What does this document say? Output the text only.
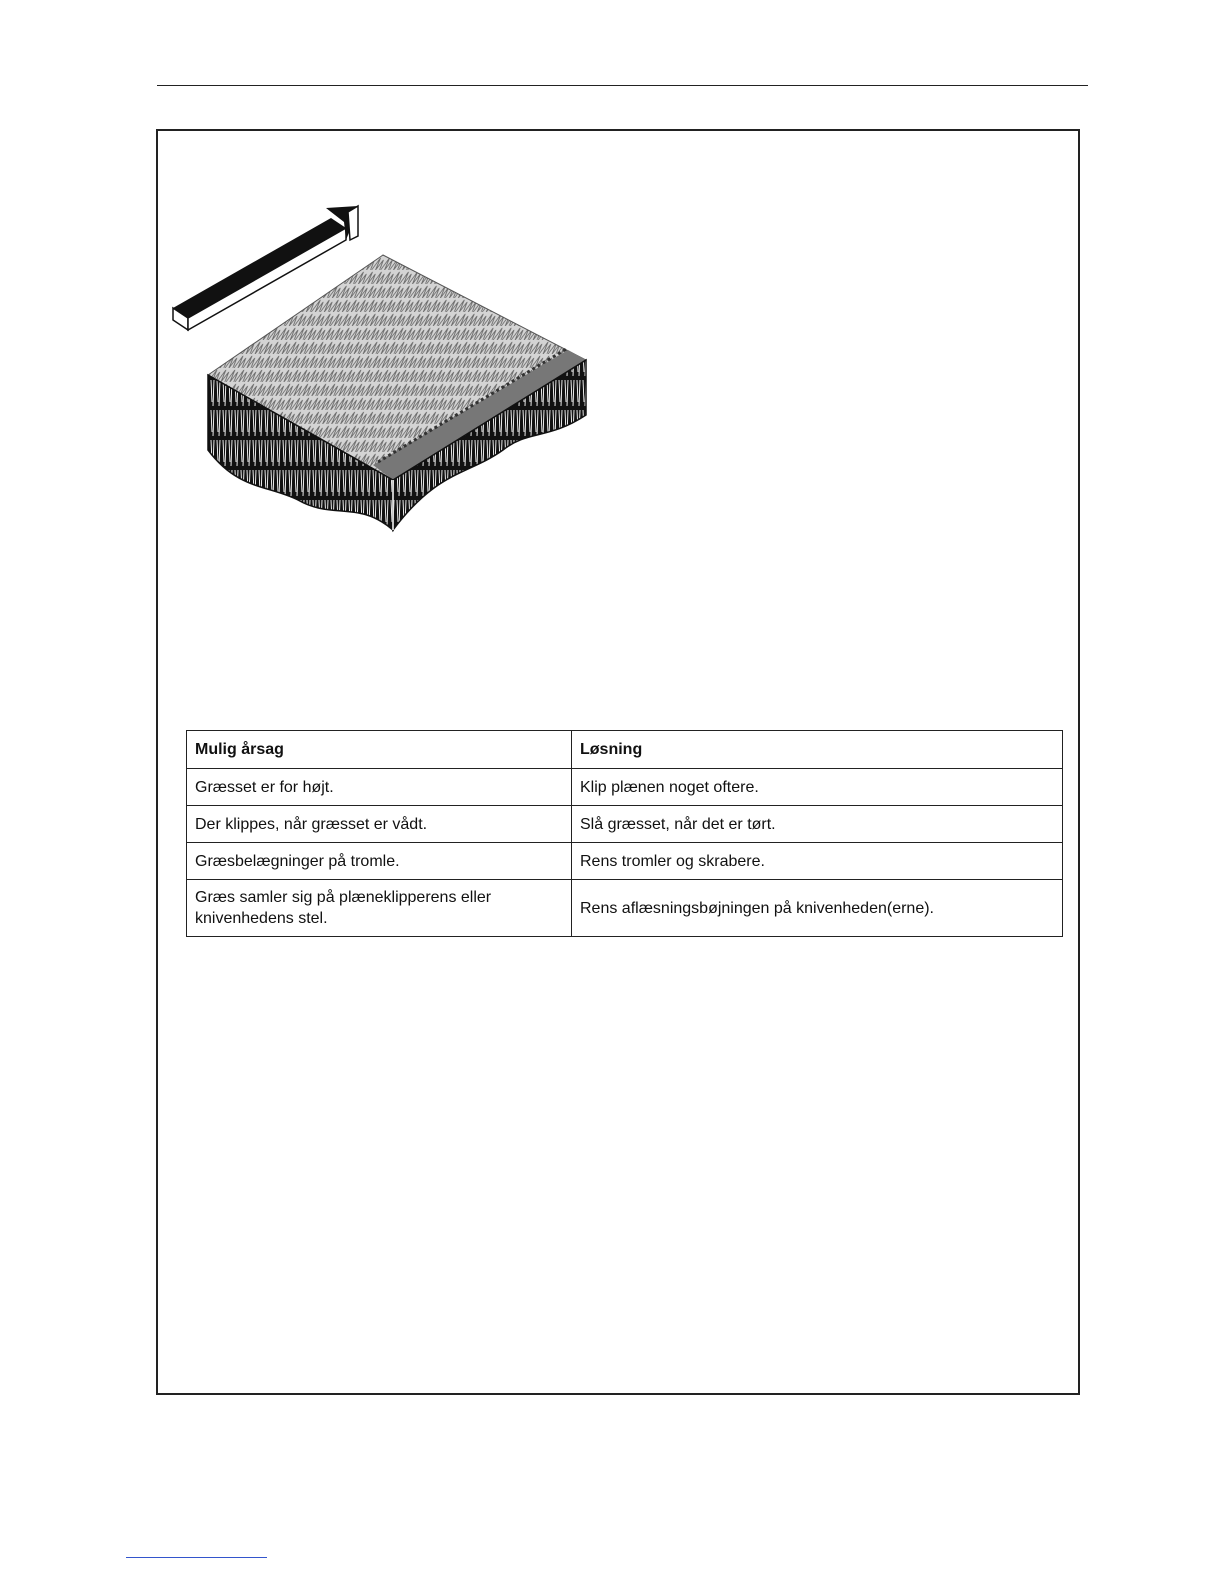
Mulig årsag	Løsning
Græsset er for højt.	Klip plænen noget oftere.
Der klippes, når græsset er vådt.	Slå græsset, når det er tørt.
Græsbelægninger på tromle.	Rens tromler og skrabere.
Græs samler sig på plæneklipperens eller knivenhedens stel.	Rens aflæsningsbøjningen på knivenheden(erne).
